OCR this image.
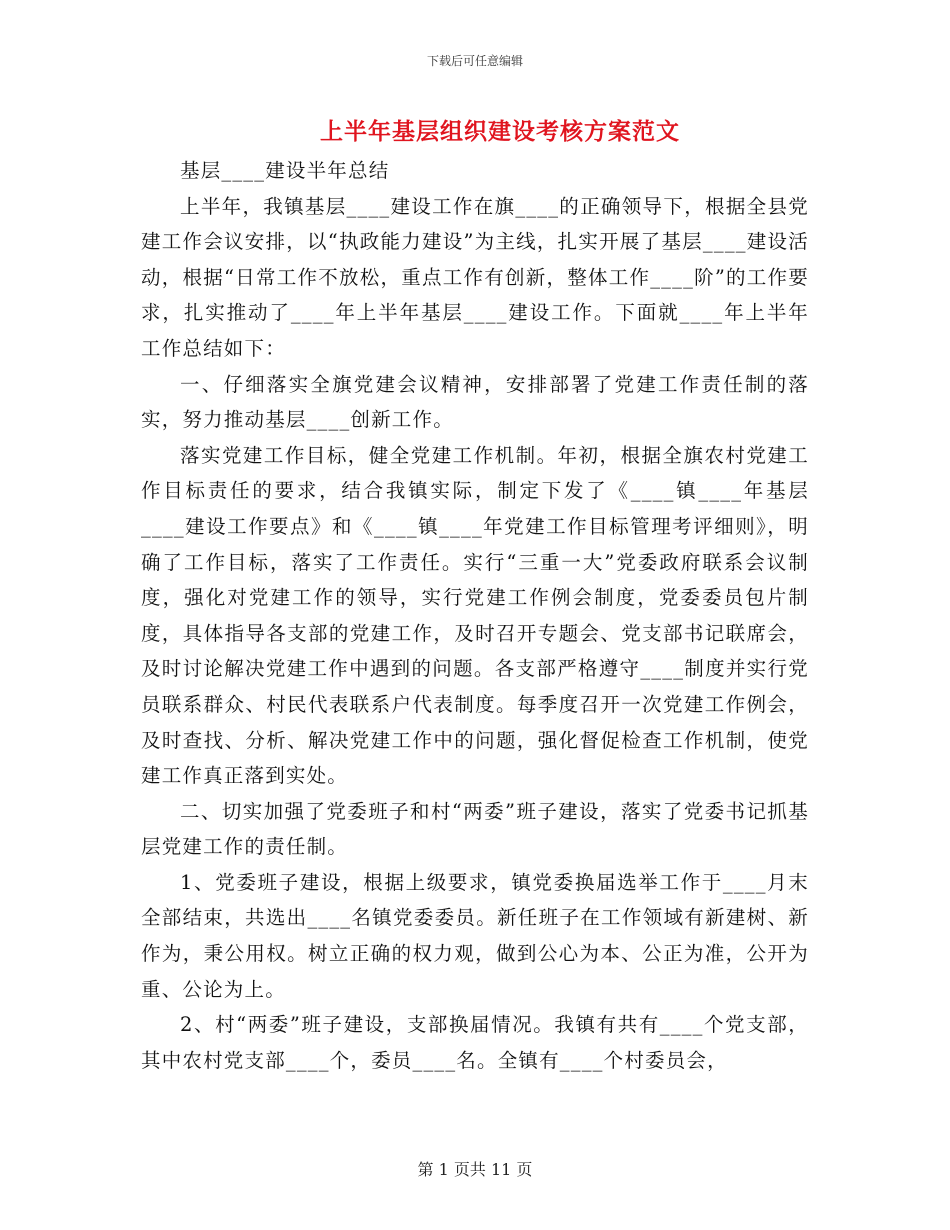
下载后可任意编辑
上半年基层组织建设考核方案范文

基层____建设半年总结

上半年，我镇基层____建设工作在旗____的正确领导下，根据全县党建工作会议安排，以“执政能力建设”为主线，扎实开展了基层____建设活动，根据“日常工作不放松，重点工作有创新，整体工作____阶”的工作要求，扎实推动了____年上半年基层____建设工作。下面就____年上半年工作总结如下：

一、仔细落实全旗党建会议精神，安排部署了党建工作责任制的落实，努力推动基层____创新工作。

落实党建工作目标，健全党建工作机制。年初，根据全旗农村党建工作目标责任的要求，结合我镇实际，制定下发了《____镇____年基层____建设工作要点》和《____镇____年党建工作目标管理考评细则》，明确了工作目标，落实了工作责任。实行“三重一大”党委政府联系会议制度，强化对党建工作的领导，实行党建工作例会制度，党委委员包片制度，具体指导各支部的党建工作，及时召开专题会、党支部书记联席会，及时讨论解决党建工作中遇到的问题。各支部严格遵守____制度并实行党员联系群众、村民代表联系户代表制度。每季度召开一次党建工作例会，及时查找、分析、解决党建工作中的问题，强化督促检查工作机制，使党建工作真正落到实处。

二、切实加强了党委班子和村“两委”班子建设，落实了党委书记抓基层党建工作的责任制。

1、党委班子建设，根据上级要求，镇党委换届选举工作于____月末全部结束，共选出____名镇党委委员。新任班子在工作领域有新建树、新作为，秉公用权。树立正确的权力观，做到公心为本、公正为准，公开为重、公论为上。

2、村“两委”班子建设，支部换届情况。我镇有共有____个党支部，其中农村党支部____个，委员____名。全镇有____个村委员会，

第 1 页共 11 页
